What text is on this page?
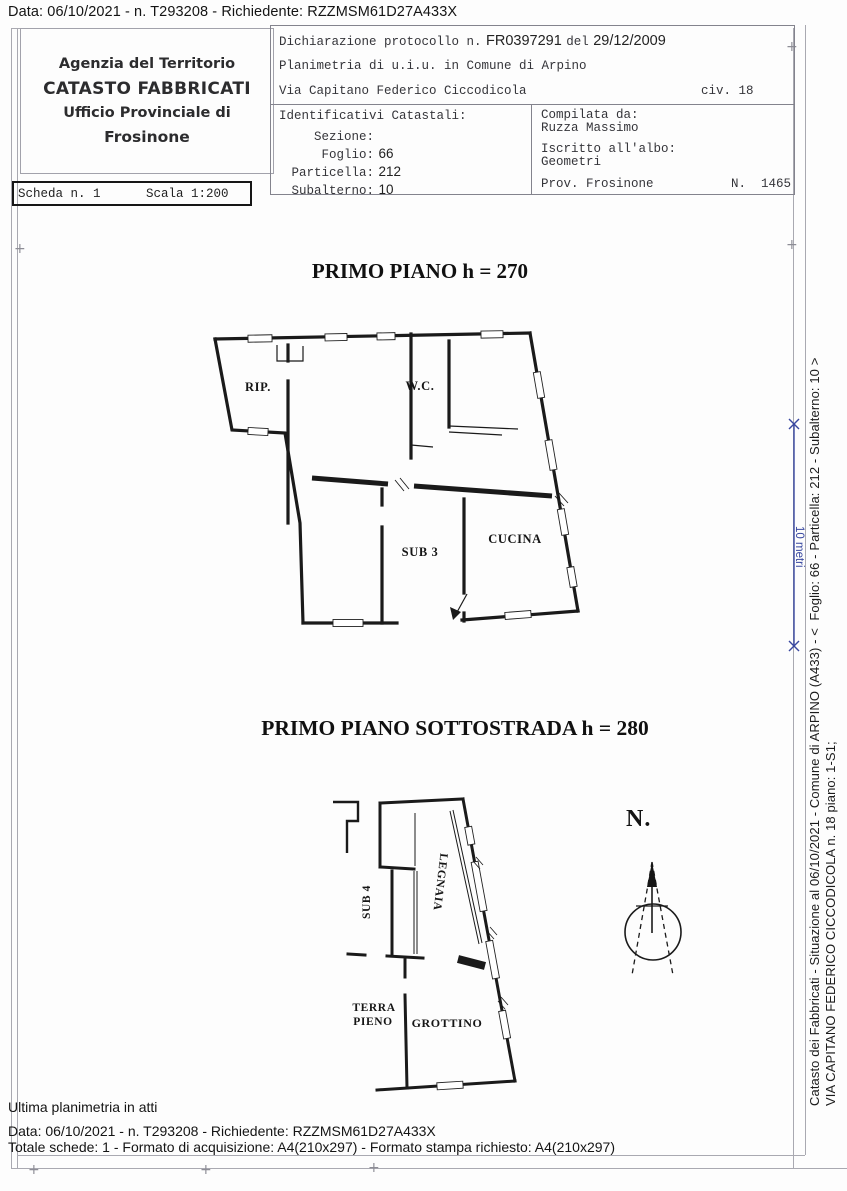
Data: 06/10/2021 - n. T293208 - Richiedente: RZZMSM61D27A433X
+
+
+
+	+	+
Agenzia del Territorio
CATASTO FABBRICATI
Ufficio Provinciale di
Frosinone
Scheda n. 1	Scala 1:200
Dichiarazione protocollo n. FR0397291 del 29/12/2009
Planimetria di u.i.u. in Comune di Arpino
Via Capitano Federico Ciccodicola	civ. 18
Identificativi Catastali:
Sezione:
Foglio: 66
Particella: 212
Subalterno: 10
Compilata da:
Ruzza Massimo
Iscritto all'albo:
Geometri
Prov. Frosinone	N.  1465
PRIMO PIANO h = 270
RIP.	W.C.
SUB 3
CUCINA
PRIMO PIANO SOTTOSTRADA h = 280
SUB 4	LEGNAIA
TERRA
PIENO	GROTTINO
N.
10 metri Catasto dei Fabbricati - Situazione al 06/10/2021 - Comune di ARPINO (A433) - <  Foglio: 66 - Particella: 212 - Subalterno: 10 > VIA CAPITANO FEDERICO CICCODICOLA n. 18 piano: 1-S1;
Ultima planimetria in atti
Data: 06/10/2021 - n. T293208 - Richiedente: RZZMSM61D27A433X
Totale schede: 1 - Formato di acquisizione: A4(210x297) - Formato stampa richiesto: A4(210x297)
